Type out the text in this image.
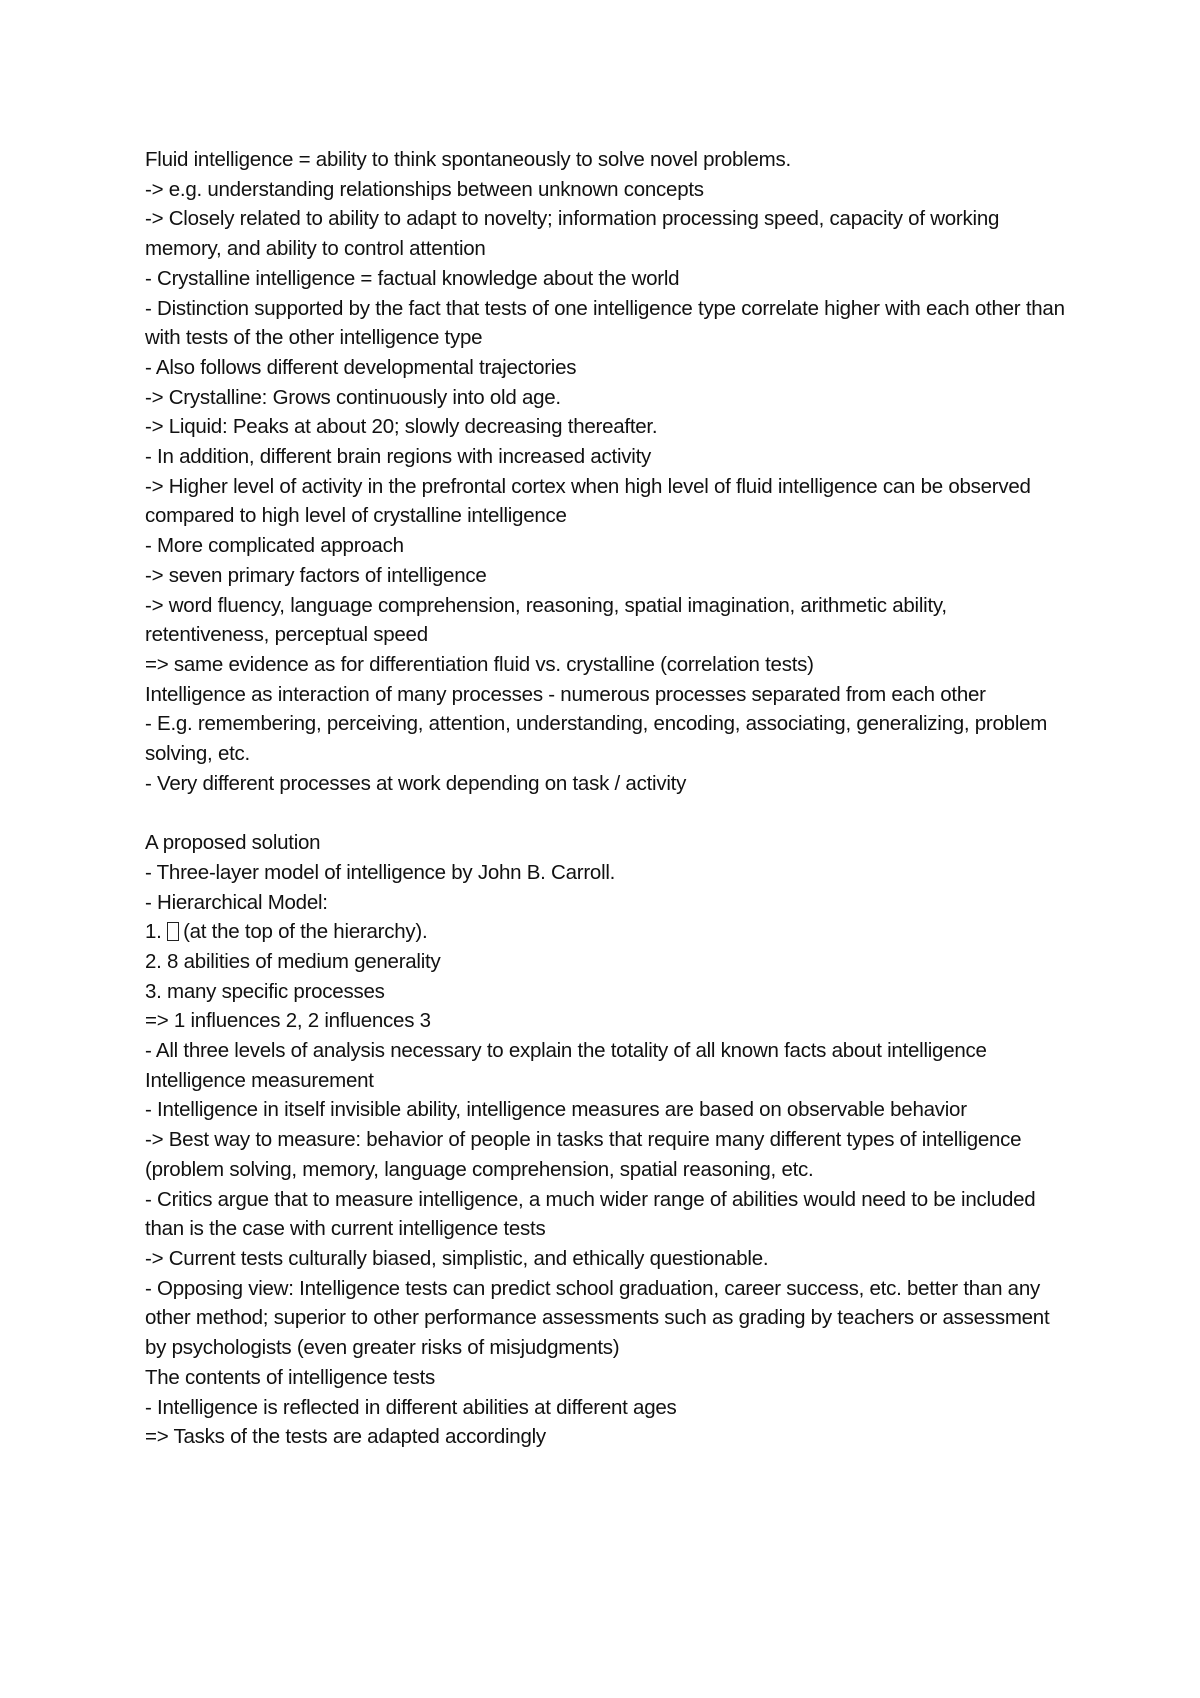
Fluid intelligence = ability to think spontaneously to solve novel problems.

-> e.g. understanding relationships between unknown concepts

-> Closely related to ability to adapt to novelty; information processing speed, capacity of working memory, and ability to control attention

- Crystalline intelligence = factual knowledge about the world

- Distinction supported by the fact that tests of one intelligence type correlate higher with each other than with tests of the other intelligence type

- Also follows different developmental trajectories

-> Crystalline: Grows continuously into old age.

-> Liquid: Peaks at about 20; slowly decreasing thereafter.

- In addition, different brain regions with increased activity

-> Higher level of activity in the prefrontal cortex when high level of fluid intelligence can be observed compared to high level of crystalline intelligence

- More complicated approach

-> seven primary factors of intelligence

-> word fluency, language comprehension, reasoning, spatial imagination, arithmetic ability, retentiveness, perceptual speed

=> same evidence as for differentiation fluid vs. crystalline (correlation tests)

Intelligence as interaction of many processes - numerous processes separated from each other

- E.g. remembering, perceiving, attention, understanding, encoding, associating, generalizing, problem solving, etc.

- Very different processes at work depending on task / activity

A proposed solution

- Three-layer model of intelligence by John B. Carroll.

- Hierarchical Model:

1. (at the top of the hierarchy).

2. 8 abilities of medium generality

3. many specific processes

=> 1 influences 2, 2 influences 3

- All three levels of analysis necessary to explain the totality of all known facts about intelligence

Intelligence measurement

- Intelligence in itself invisible ability, intelligence measures are based on observable behavior

-> Best way to measure: behavior of people in tasks that require many different types of intelligence (problem solving, memory, language comprehension, spatial reasoning, etc.

- Critics argue that to measure intelligence, a much wider range of abilities would need to be included than is the case with current intelligence tests

-> Current tests culturally biased, simplistic, and ethically questionable.

- Opposing view: Intelligence tests can predict school graduation, career success, etc. better than any other method; superior to other performance assessments such as grading by teachers or assessment by psychologists (even greater risks of misjudgments)

The contents of intelligence tests

- Intelligence is reflected in different abilities at different ages

=> Tasks of the tests are adapted accordingly
